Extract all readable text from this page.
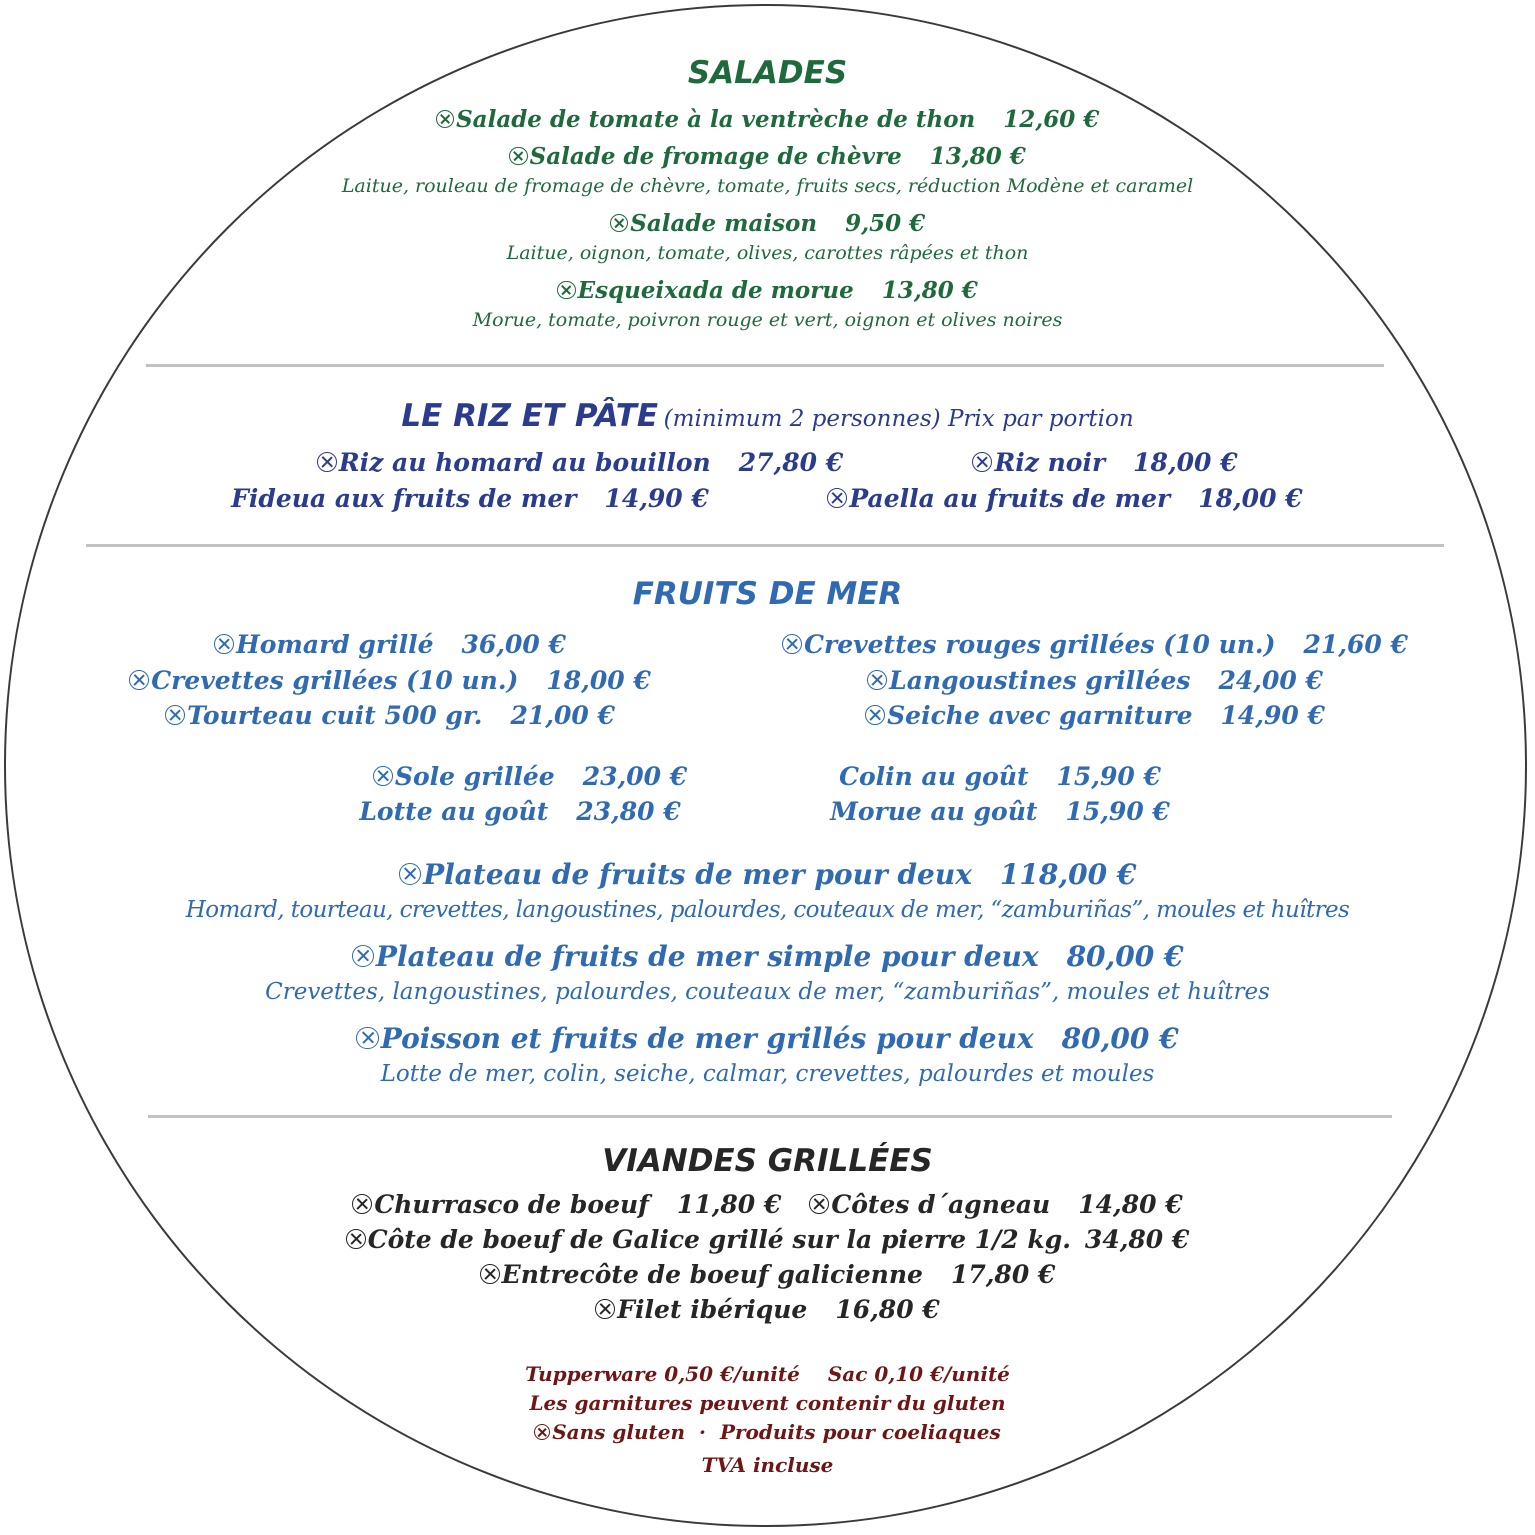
SALADES
Salade de tomate à la ventrèche de thon 12,60 €
Salade de fromage de chèvre 13,80 €
Laitue, rouleau de fromage de chèvre, tomate, fruits secs, réduction Modène et caramel
Salade maison 9,50 €
Laitue, oignon, tomate, olives, carottes râpées et thon
Esqueixada de morue 13,80 €
Morue, tomate, poivron rouge et vert, oignon et olives noires
LE RIZ ET PÂTE (minimum 2 personnes) Prix par portion
Riz au homard au bouillon 27,80 €	Riz noir 18,00 €
Fideua aux fruits de mer 14,90 €	Paella au fruits de mer 18,00 €
FRUITS DE MER
Homard grillé 36,00 €	Crevettes rouges grillées (10 un.) 21,60 €
Crevettes grillées (10 un.) 18,00 €	Langoustines grillées 24,00 €
Tourteau cuit 500 gr. 21,00 €	Seiche avec garniture 14,90 €
Sole grillée 23,00 €	Colin au goût 15,90 €
Lotte au goût 23,80 €	Morue au goût 15,90 €
Plateau de fruits de mer pour deux 118,00 €
Homard, tourteau, crevettes, langoustines, palourdes, couteaux de mer, “zamburiñas”, moules et huîtres
Plateau de fruits de mer simple pour deux 80,00 €
Crevettes, langoustines, palourdes, couteaux de mer, “zamburiñas”, moules et huîtres
Poisson et fruits de mer grillés pour deux 80,00 €
Lotte de mer, colin, seiche, calmar, crevettes, palourdes et moules
VIANDES GRILLÉES
Churrasco de boeuf 11,80 € Côtes d´agneau 14,80 €
Côte de boeuf de Galice grillé sur la pierre 1/2 kg. 34,80 €
Entrecôte de boeuf galicienne 17,80 €
Filet ibérique 16,80 €
Tupperware 0,50 €/unité Sac 0,10 €/unité
Les garnitures peuvent contenir du gluten
Sans gluten · Produits pour coeliaques
TVA incluse
